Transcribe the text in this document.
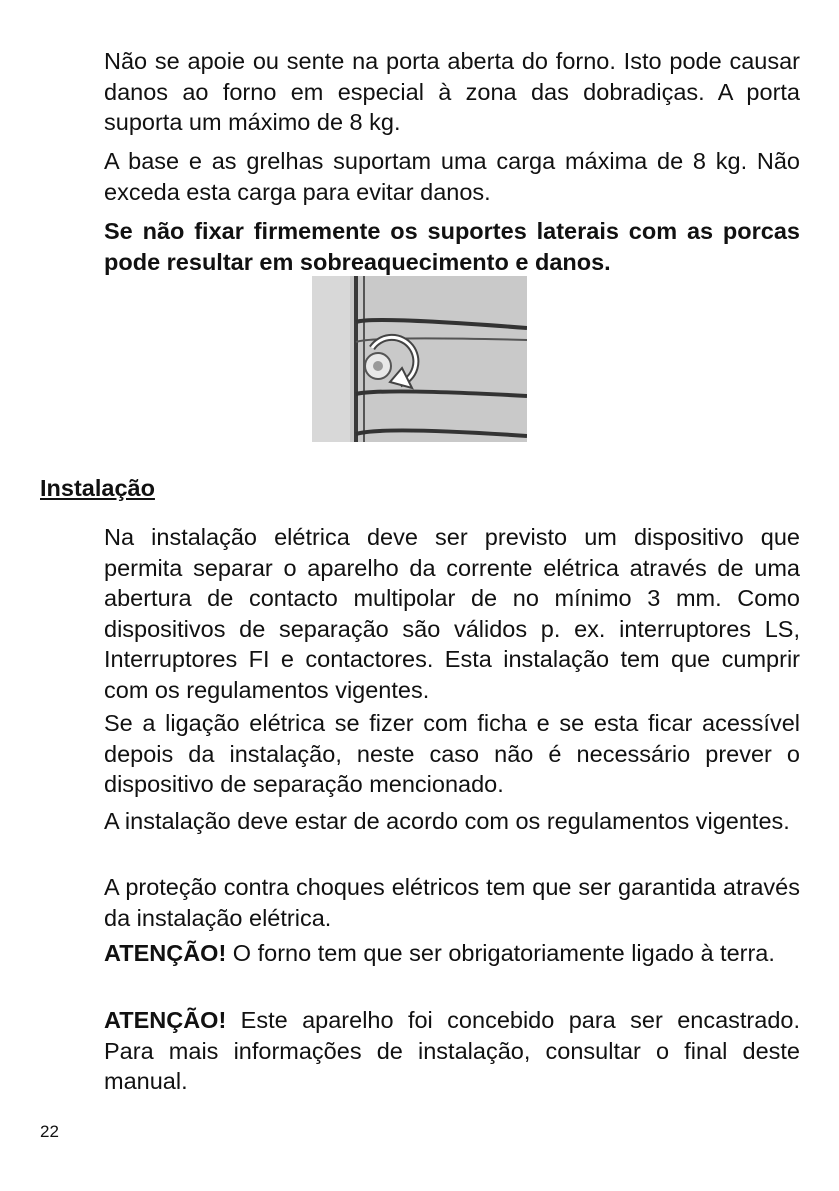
Não se apoie ou sente na porta aberta do forno. Isto pode causar danos ao forno em especial à zona das dobradiças. A porta suporta um máximo de 8 kg.

A base e as grelhas suportam uma carga máxima de 8 kg. Não exceda esta carga para evitar danos.

Se não fixar firmemente os suportes laterais com as porcas pode resultar em sobreaquecimento e danos.

Instalação

Na instalação elétrica deve ser previsto um dispositivo que permita separar o aparelho da corrente elétrica através de uma abertura de contacto multipolar de no mínimo 3 mm. Como dispositivos de separação são válidos p. ex. interruptores LS, Interruptores FI e contactores. Esta instalação tem que cumprir com os regulamentos vigentes.

Se a ligação elétrica se fizer com ficha e se esta ficar acessível depois da instalação, neste caso não é necessário prever o dispositivo de separação mencionado.

A instalação deve estar de acordo com os regulamentos vigentes.

A proteção contra choques elétricos tem que ser garantida através da instalação elétrica.

ATENÇÃO! O forno tem que ser obrigatoriamente ligado à terra.

ATENÇÃO! Este aparelho foi concebido para ser encastrado. Para mais informações de instalação, consultar o final deste manual.

22
